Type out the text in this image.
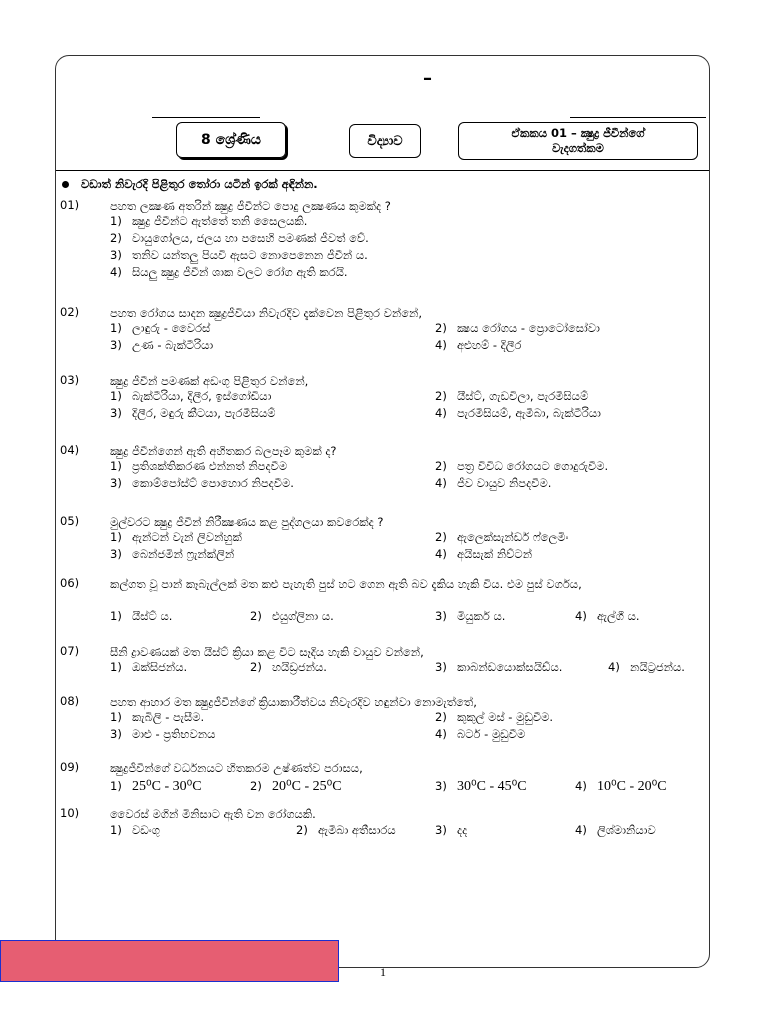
–
8 ශ්‍රේණිය	විද්‍යාව
ඒකකය 01 – ක්‍ෂුද්‍ර ජීවීන්ගේ
වැදගත්කම
වඩාත් නිවැරදි පිළිතුර තෝරා යටින් ඉරක් අඳින්න.
01)	පහත ලක්‍ෂණ අතරින් ක්‍ෂුද්‍ර ජීවීන්ට පොදු ලක්‍ෂණය කුමක්ද ?
1) ක්‍ෂුද්‍ර ජීවීන්ට ඇත්තේ තනි සෛලයකි.
2) වායුගෝලය, ජලය හා පසෙහි පමණක් ජීවත් වේ.
3) තනිව යන්තලු පියවි ඇසට නොපෙනෙන ජීවීන් ය.
4) සියලු ක්‍ෂුද්‍ර ජීවීන් ශාක වලට රෝග ඇති කරයි.
02)	පහත රෝගය සාදන ක්‍ෂුද්‍රජීවියා නිවැරදිව දැක්වෙන පිළිතුර වන්නේ,
1) ලාඳුරු - වෛරස්	2) ක්‍ෂය රෝගය - ප්‍රොටෝසෝවා
3) උණ - බැක්ටීරියා	4) අළුහම් - දිලීර
03)	ක්‍ෂුද්‍ර ජීවීන් පමණක් අඩංගු පිළිතුර වන්නේ,
1) බැක්ටීරියා, දිලීර, ඉස්ගෝඩියා	2) යීස්ට්, ගැඩවිලා, පැරමීසියම්
3) දිලීර, මඳුරු කීටයා, පැරමීසියම්	4) පැරමීසියම්, ඇමීබා, බැක්ටීරියා
04)	ක්‍ෂුද්‍ර ජීවීන්ගෙන් ඇති අහිතකර බලපෑම කුමක් ද?
1) ප්‍රතිශක්තිකරණ එන්නත් නිපදවීම	2) පත්‍ර විවිධ රෝගයට ගොදුරුවීම.
3) කොම්පෝස්ට් පොහොර නිපදවීම.	4) ජීව වායුව නිපදවීම.
05)	මුල්වරට ක්‍ෂුද්‍ර ජීවීන් නිරීක්‍ෂණය කළ පුද්ගලයා කවරෙක්ද ?
1) ඇන්ටන් වැන් ලිවන්හුක්	2) ඇලෙක්සැන්ඩර් ෆ්ලෙමිං
3) බෙන්ජමින් ෆ්‍රැන්ක්ලින්	4) අයිසැක් නිව්ටන්
06)	කල්ගත වූ පාන් කෑබැල්ලක් මත කළු පැහැති පුස් හට ගෙන ඇති බව දැකිය හැකි විය. එම පුස් වර්ගය,
1) යීස්ට් ය.	2) එයුග්ලිනා ය.	3) මියුකර් ය.	4) ඇල්ගී ය.
07)	සීනි ද්‍රාවණයක් මත යීස්ට් ක්‍රියා කළ විට සෑදිය හැකි වායුව වන්නේ,
1) ඔක්සිජන්ය.	2) හයිඩ්‍රජන්ය.	3) කාබන්ඩයොක්සයිඩ්ය.	4) නයිට්‍රජන්ය.
08)	පහත ආහාර මත ක්‍ෂුද්‍රජීවීන්ගේ ක්‍රියාකාරීත්වය නිවැරදිව හඳුන්වා නොමැත්තේ,
1) කැබිලි - පැසීම.	2) කුකුල් මස් - මුඩුවීම.
3) මාළු - ප්‍රතිභවනය	4) බටර් - මුඩුවීම
09)	ක්‍ෂුද්‍රජීවීන්ගේ වර්ධනයට හිතකරම උෂ්ණත්ව පරාසය,
1) 25⁰C - 30⁰C	2) 20⁰C - 25⁰C	3) 30⁰C - 45⁰C	4) 10⁰C - 20⁰C
10)	වෛරස් මගින් මිනිසාට ඇති වන රෝගයකි.
1) වඩංගු	2) ඇමීබා අතීසාරය	3) දද	4) ලිශ්මානියාව
1
